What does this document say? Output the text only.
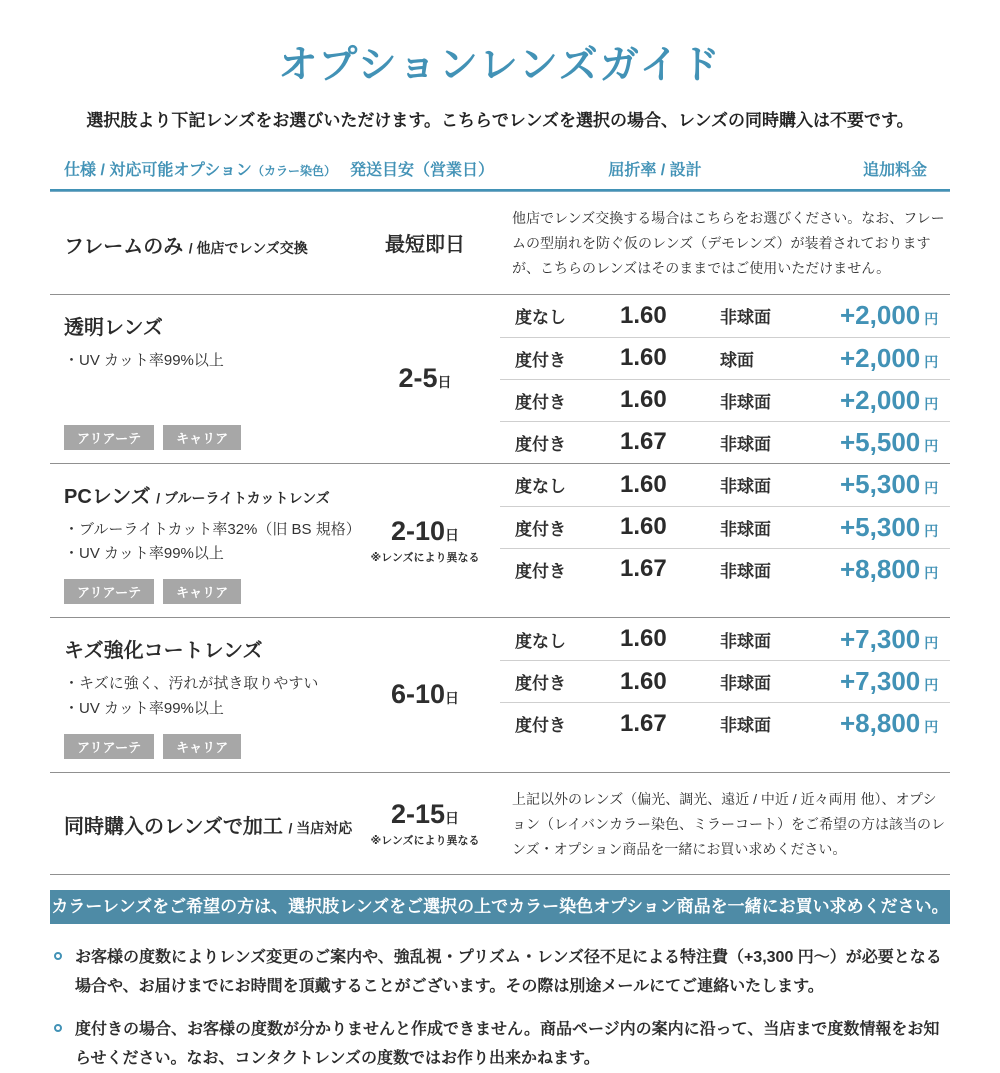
オプションレンズガイド
選択肢より下記レンズをお選びいただけます。こちらでレンズを選択の場合、レンズの同時購入は不要です。
仕様 / 対応可能オプション（カラー染色） 発送目安（営業日）	屈折率 / 設計	追加料金
フレームのみ / 他店でレンズ交換	最短即日
他店でレンズ交換する場合はこちらをお選びください。なお、フレームの型崩れを防ぐ仮のレンズ（デモレンズ）が装着されておりますが、こちらのレンズはそのままではご使用いただけません。
透明レンズ
・UV カット率99%以上
アリアーテ	キャリア
2-5日
度なし	1.60	非球面	+2,000 円
度付き	1.60	球面	+2,000 円
度付き	1.60	非球面	+2,000 円
度付き	1.67	非球面	+5,500 円
PCレンズ / ブルーライトカットレンズ
・ブルーライトカット率32%（旧 BS 規格）
・UV カット率99%以上
アリアーテ	キャリア
2-10日
※レンズにより異なる
度なし	1.60	非球面	+5,300 円
度付き	1.60	非球面	+5,300 円
度付き	1.67	非球面	+8,800 円
キズ強化コートレンズ
・キズに強く、汚れが拭き取りやすい
・UV カット率99%以上
アリアーテ	キャリア
6-10日
度なし	1.60	非球面	+7,300 円
度付き	1.60	非球面	+7,300 円
度付き	1.67	非球面	+8,800 円
同時購入のレンズで加工 / 当店対応 2-15日
※レンズにより異なる
上記以外のレンズ（偏光、調光、遠近 / 中近 / 近々両用 他）、オプション（レイバンカラー染色、ミラーコート）をご希望の方は該当のレンズ・オプション商品を一緒にお買い求めください。
カラーレンズをご希望の方は、選択肢レンズをご選択の上でカラー染色オプション商品を一緒にお買い求めください。
お客様の度数によりレンズ変更のご案内や、強乱視・プリズム・レンズ径不足による特注費（+3,300 円～）が必要となる場合や、お届けまでにお時間を頂戴することがございます。その際は別途メールにてご連絡いたします。
度付きの場合、お客様の度数が分かりませんと作成できません。商品ページ内の案内に沿って、当店まで度数情報をお知らせください。なお、コンタクトレンズの度数ではお作り出来かねます。
